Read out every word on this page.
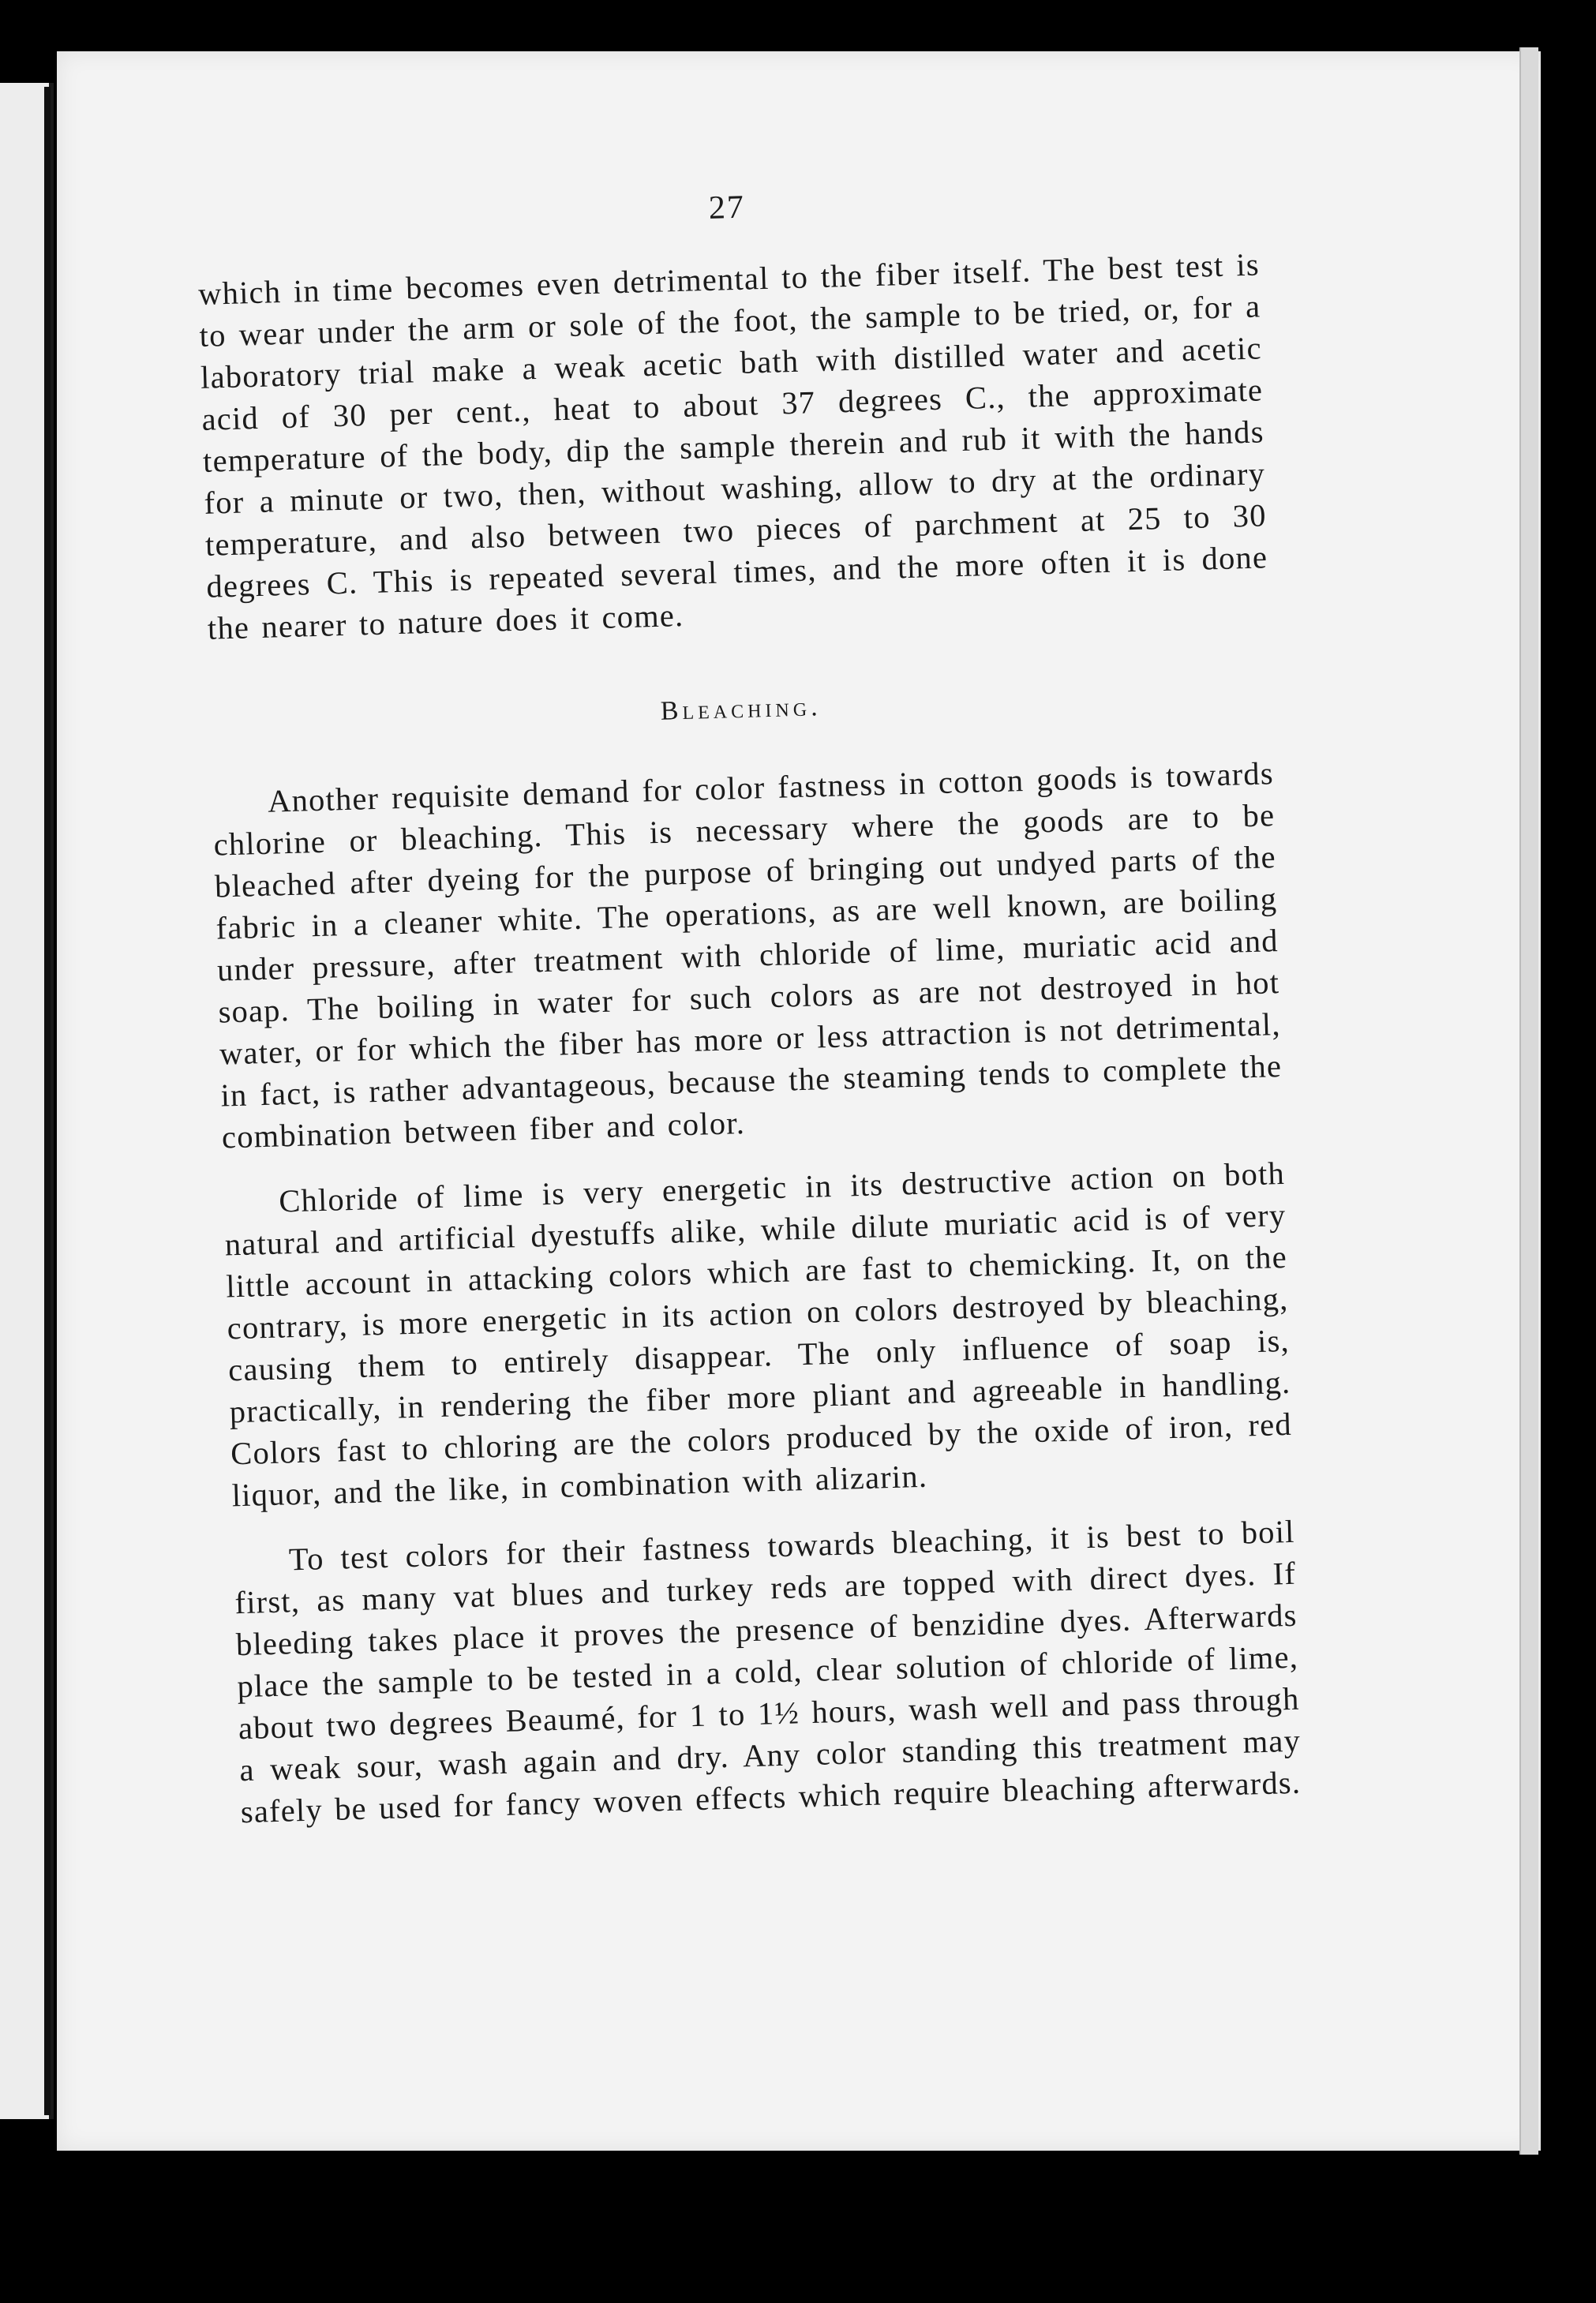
27

which in time becomes even detrimental to the fiber itself. The best test is to wear under the arm or sole of the foot, the sample to be tried, or, for a laboratory trial make a weak acetic bath with distilled water and acetic acid of 30 per cent., heat to about 37 degrees C., the approximate temperature of the body, dip the sample therein and rub it with the hands for a minute or two, then, without washing, allow to dry at the ordinary temperature, and also between two pieces of parchment at 25 to 30 degrees C. This is repeated several times, and the more often it is done the nearer to nature does it come.

Bleaching.

Another requisite demand for color fastness in cotton goods is towards chlorine or bleaching. This is necessary where the goods are to be bleached after dyeing for the purpose of bringing out undyed parts of the fabric in a cleaner white. The operations, as are well known, are boiling under pressure, after treatment with chloride of lime, muriatic acid and soap. The boiling in water for such colors as are not destroyed in hot water, or for which the fiber has more or less attraction is not detrimental, in fact, is rather advantageous, because the steaming tends to complete the combination between fiber and color.

Chloride of lime is very energetic in its destructive action on both natural and artificial dyestuffs alike, while dilute muriatic acid is of very little account in attacking colors which are fast to chemicking. It, on the contrary, is more energetic in its action on colors destroyed by bleaching, causing them to entirely disappear. The only influence of soap is, practically, in rendering the fiber more pliant and agreeable in handling. Colors fast to chloring are the colors produced by the oxide of iron, red liquor, and the like, in combination with alizarin.

To test colors for their fastness towards bleaching, it is best to boil first, as many vat blues and turkey reds are topped with direct dyes. If bleeding takes place it proves the presence of benzidine dyes. Afterwards place the sample to be tested in a cold, clear solution of chloride of lime, about two degrees Beaumé, for 1 to 1½ hours, wash well and pass through a weak sour, wash again and dry. Any color standing this treatment may safely be used for fancy woven effects which require bleaching afterwards.
